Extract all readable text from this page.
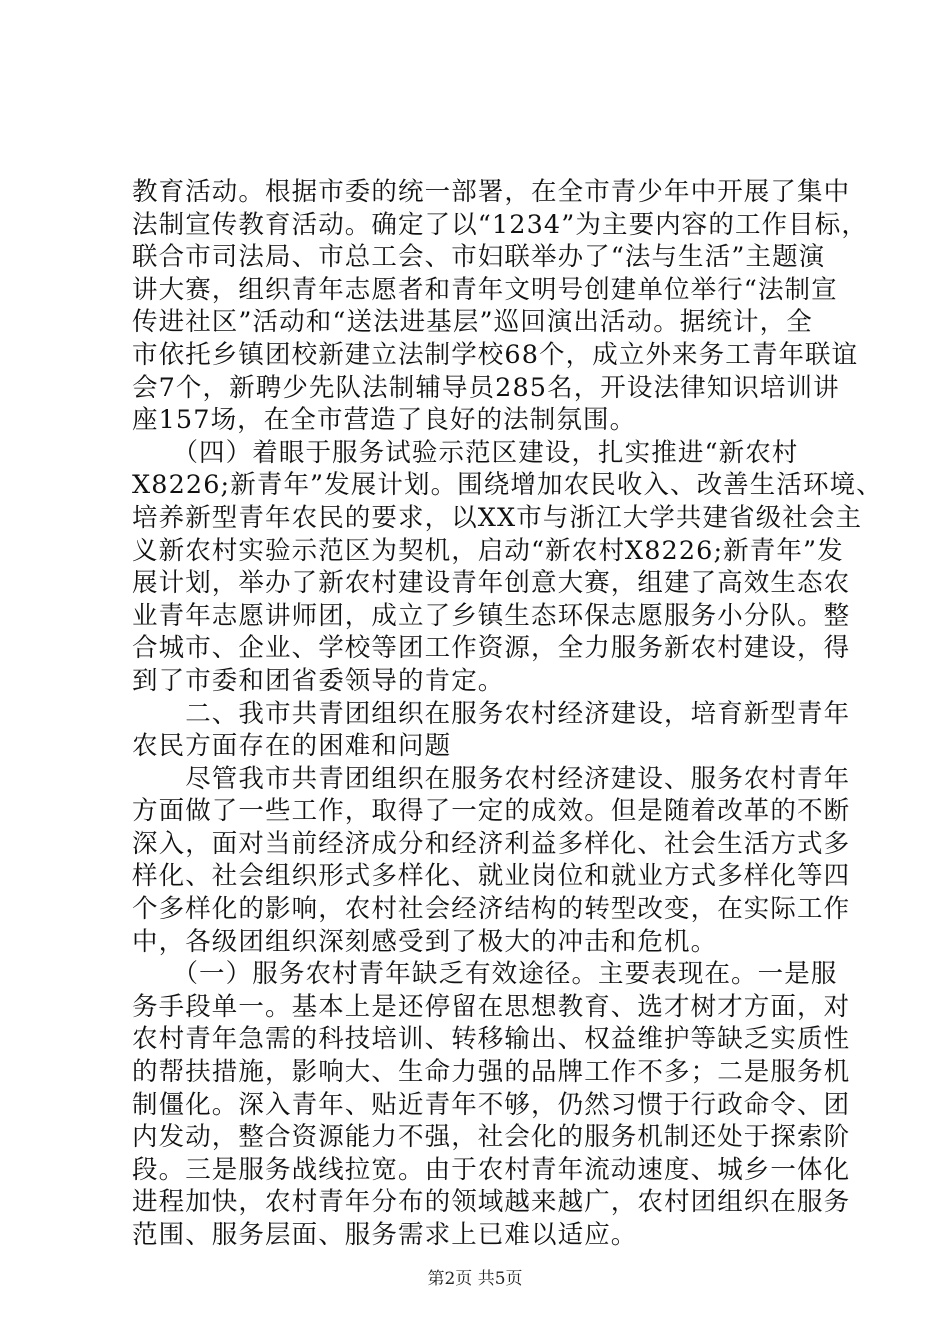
教育活动。根据市委的统一部署，在全市青少年中开展了集中
法制宣传教育活动。确定了以“1234”为主要内容的工作目标，
联合市司法局、市总工会、市妇联举办了“法与生活”主题演
讲大赛，组织青年志愿者和青年文明号创建单位举行“法制宣
传进社区”活动和“送法进基层”巡回演出活动。据统计，全
市依托乡镇团校新建立法制学校68个，成立外来务工青年联谊
会7个，新聘少先队法制辅导员285名，开设法律知识培训讲
座157场，在全市营造了良好的法制氛围。
　　（四）着眼于服务试验示范区建设，扎实推进“新农村
X8226;新青年”发展计划。围绕增加农民收入、改善生活环境、
培养新型青年农民的要求，以XX市与浙江大学共建省级社会主
义新农村实验示范区为契机，启动“新农村X8226;新青年”发
展计划，举办了新农村建设青年创意大赛，组建了高效生态农
业青年志愿讲师团，成立了乡镇生态环保志愿服务小分队。整
合城市、企业、学校等团工作资源，全力服务新农村建设，得
到了市委和团省委领导的肯定。
　　二、我市共青团组织在服务农村经济建设，培育新型青年
农民方面存在的困难和问题
　　尽管我市共青团组织在服务农村经济建设、服务农村青年
方面做了一些工作，取得了一定的成效。但是随着改革的不断
深入，面对当前经济成分和经济利益多样化、社会生活方式多
样化、社会组织形式多样化、就业岗位和就业方式多样化等四
个多样化的影响，农村社会经济结构的转型改变，在实际工作
中，各级团组织深刻感受到了极大的冲击和危机。
　　（一）服务农村青年缺乏有效途径。主要表现在。一是服
务手段单一。基本上是还停留在思想教育、选才树才方面，对
农村青年急需的科技培训、转移输出、权益维护等缺乏实质性
的帮扶措施，影响大、生命力强的品牌工作不多；二是服务机
制僵化。深入青年、贴近青年不够，仍然习惯于行政命令、团
内发动，整合资源能力不强，社会化的服务机制还处于探索阶
段。三是服务战线拉宽。由于农村青年流动速度、城乡一体化
进程加快，农村青年分布的领域越来越广，农村团组织在服务
范围、服务层面、服务需求上已难以适应。
第2页 共5页
